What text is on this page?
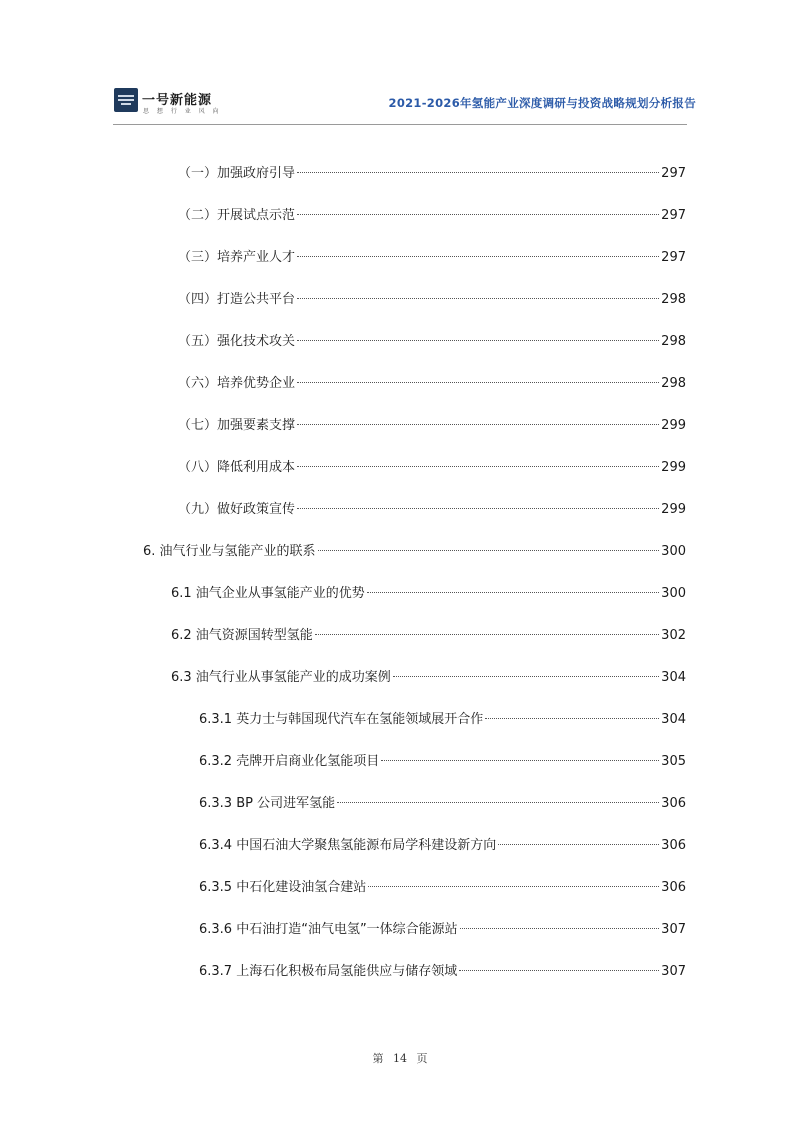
一号新能源
思 想 行 业 风 向
2021-2026年氢能产业深度调研与投资战略规划分析报告
（一）加强政府引导	297
（二）开展试点示范	297
（三）培养产业人才	297
（四）打造公共平台	298
（五）强化技术攻关	298
（六）培养优势企业	298
（七）加强要素支撑	299
（八）降低利用成本	299
（九）做好政策宣传	299
6. 油气行业与氢能产业的联系	300
6.1 油气企业从事氢能产业的优势	300
6.2 油气资源国转型氢能	302
6.3 油气行业从事氢能产业的成功案例	304
6.3.1 英力士与韩国现代汽车在氢能领域展开合作	304
6.3.2 壳牌开启商业化氢能项目	305
6.3.3 BP 公司进军氢能	306
6.3.4 中国石油大学聚焦氢能源布局学科建设新方向	306
6.3.5 中石化建设油氢合建站	306
6.3.6 中石油打造“油气电氢”一体综合能源站	307
6.3.7 上海石化积极布局氢能供应与储存领域	307
第 14 页
